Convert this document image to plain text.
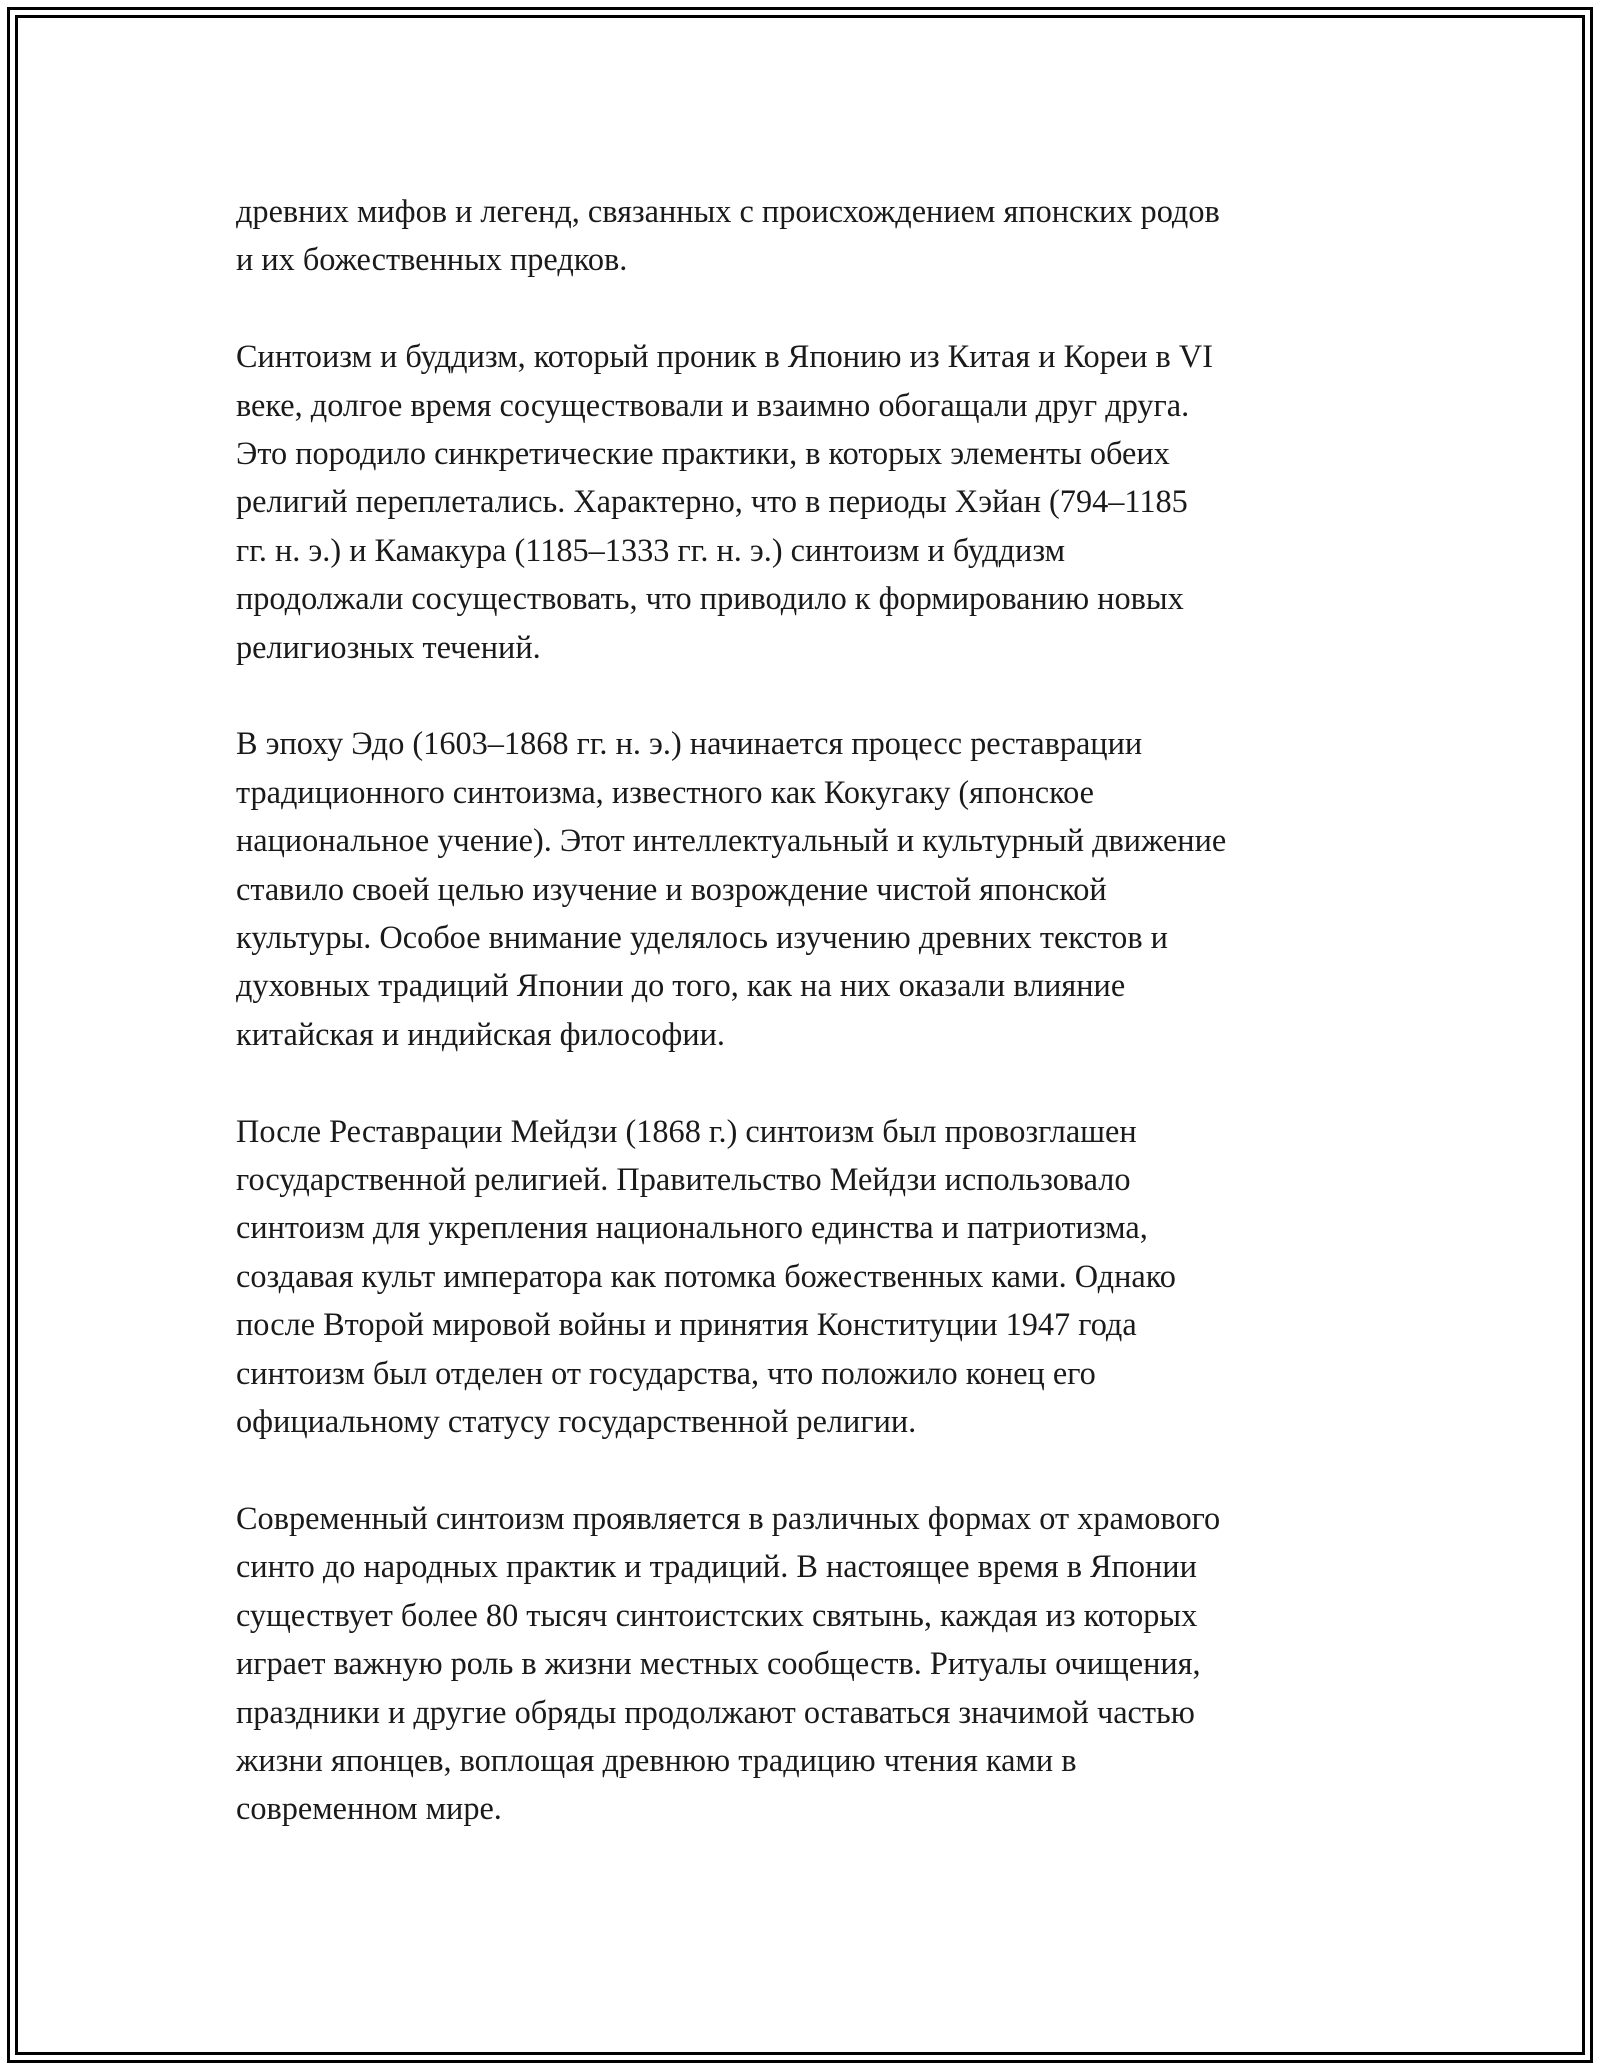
древних мифов и легенд, связанных с происхождением японских родов
и их божественных предков.

Синтоизм и буддизм, который проник в Японию из Китая и Кореи в VI
веке, долгое время сосуществовали и взаимно обогащали друг друга.
Это породило синкретические практики, в которых элементы обеих
религий переплетались. Характерно, что в периоды Хэйан (794–1185
гг. н. э.) и Камакура (1185–1333 гг. н. э.) синтоизм и буддизм
продолжали сосуществовать, что приводило к формированию новых
религиозных течений.

В эпоху Эдо (1603–1868 гг. н. э.) начинается процесс реставрации
традиционного синтоизма, известного как Кокугаку (японское
национальное учение). Этот интеллектуальный и культурный движение
ставило своей целью изучение и возрождение чистой японской
культуры. Особое внимание уделялось изучению древних текстов и
духовных традиций Японии до того, как на них оказали влияние
китайская и индийская философии.

После Реставрации Мейдзи (1868 г.) синтоизм был провозглашен
государственной религией. Правительство Мейдзи использовало
синтоизм для укрепления национального единства и патриотизма,
создавая культ императора как потомка божественных ками. Однако
после Второй мировой войны и принятия Конституции 1947 года
синтоизм был отделен от государства, что положило конец его
официальному статусу государственной религии.

Современный синтоизм проявляется в различных формах от храмового
синто до народных практик и традиций. В настоящее время в Японии
существует более 80 тысяч синтоистских святынь, каждая из которых
играет важную роль в жизни местных сообществ. Ритуалы очищения,
праздники и другие обряды продолжают оставаться значимой частью
жизни японцев, воплощая древнюю традицию чтения ками в
современном мире.
